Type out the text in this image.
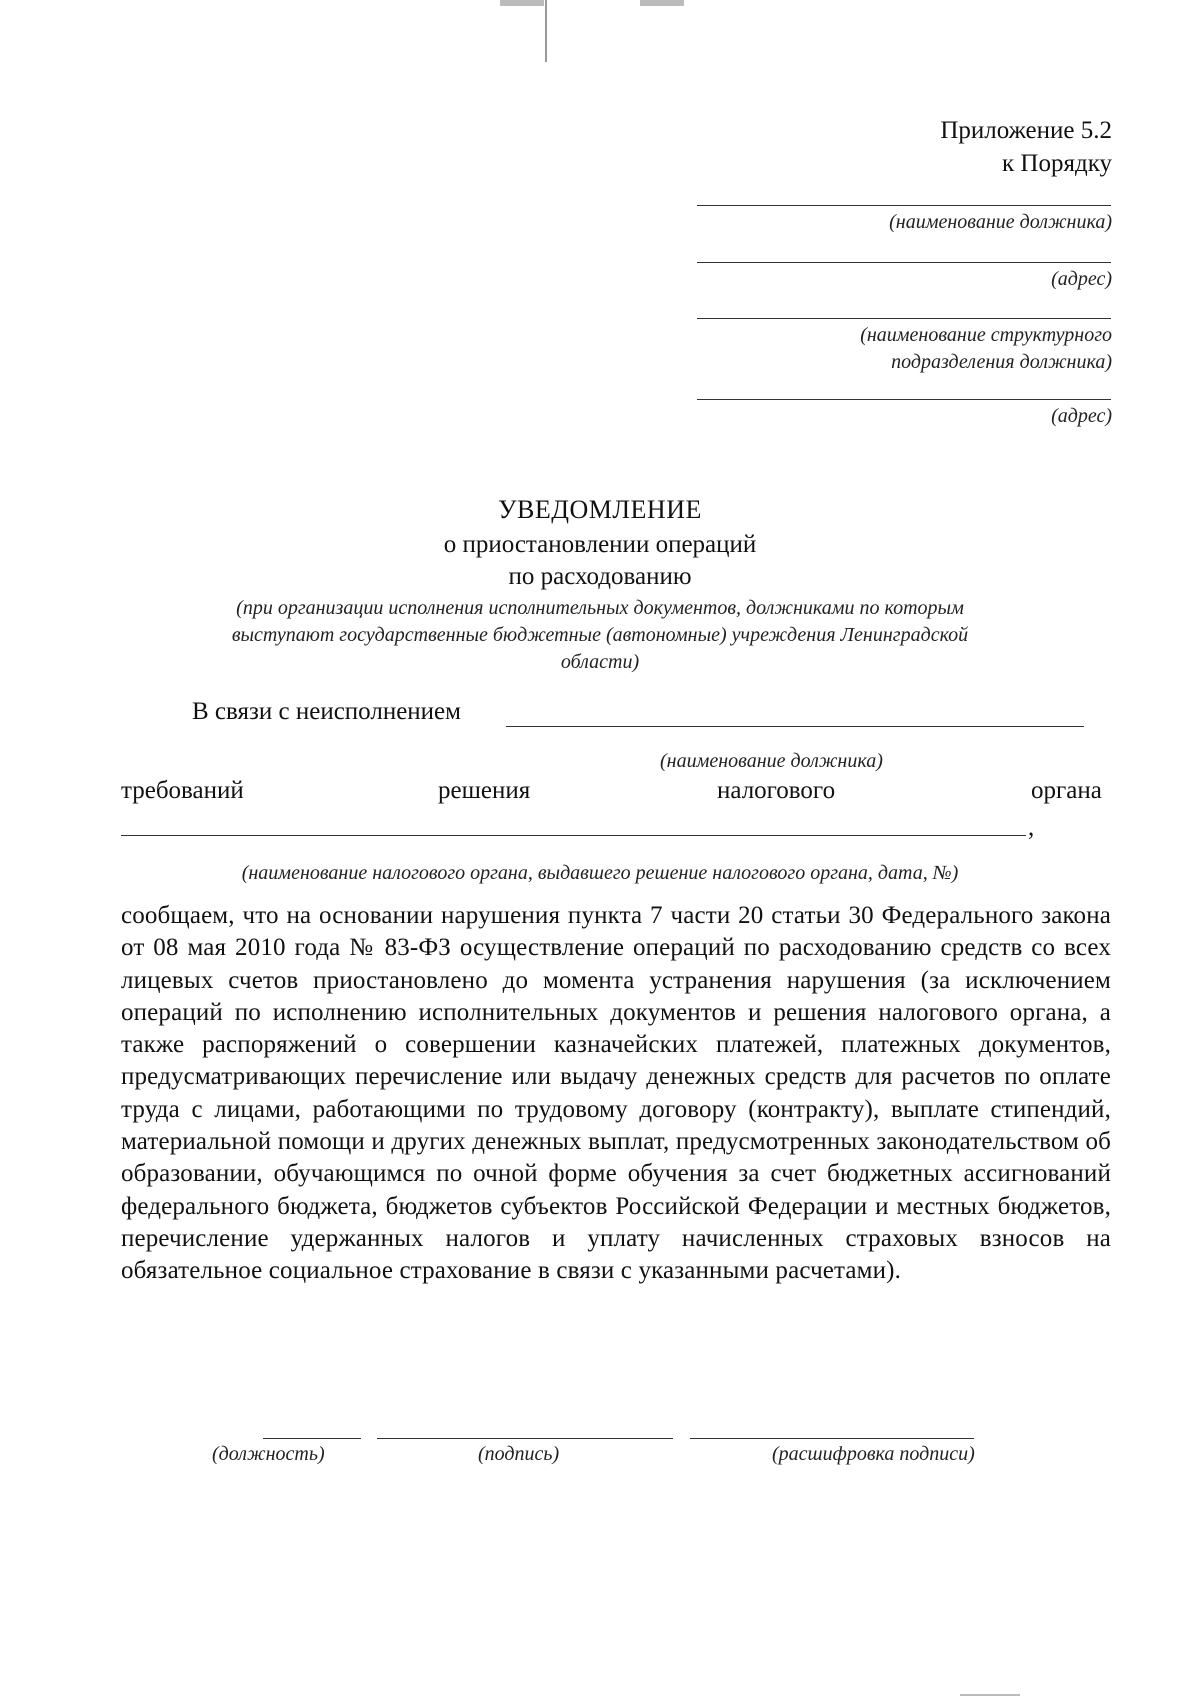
Приложение 5.2
к Порядку
(наименование должника)
(адрес)
(наименование структурного
подразделения должника)
(адрес)
УВЕДОМЛЕНИЕ
о приостановлении операций
по расходованию
(при организации исполнения исполнительных документов, должниками по которым
выступают государственные бюджетные (автономные) учреждения Ленинградской
области)
В связи с неисполнением
(наименование должника)
требований	решения	налогового	органа
,
(наименование налогового органа, выдавшего решение налогового органа, дата, №)
сообщаем, что на основании нарушения пункта 7 части 20 статьи 30 Федерального закона от 08 мая 2010 года № 83-ФЗ осуществление операций по расходованию средств со всех лицевых счетов приостановлено до момента устранения нарушения (за исключением операций по исполнению исполнительных документов и решения налогового органа, а также распоряжений о совершении казначейских платежей, платежных документов, предусматривающих перечисление или выдачу денежных средств для расчетов по оплате труда с лицами, работающими по трудовому договору (контракту), выплате стипендий, материальной помощи и других денежных выплат, предусмотренных законодательством об образовании, обучающимся по очной форме обучения за счет бюджетных ассигнований федерального бюджета, бюджетов субъектов Российской Федерации и местных бюджетов, перечисление удержанных налогов и уплату начисленных страховых взносов на обязательное социальное страхование в связи с указанными расчетами).
(должность)	(подпись)	(расшифровка подписи)
